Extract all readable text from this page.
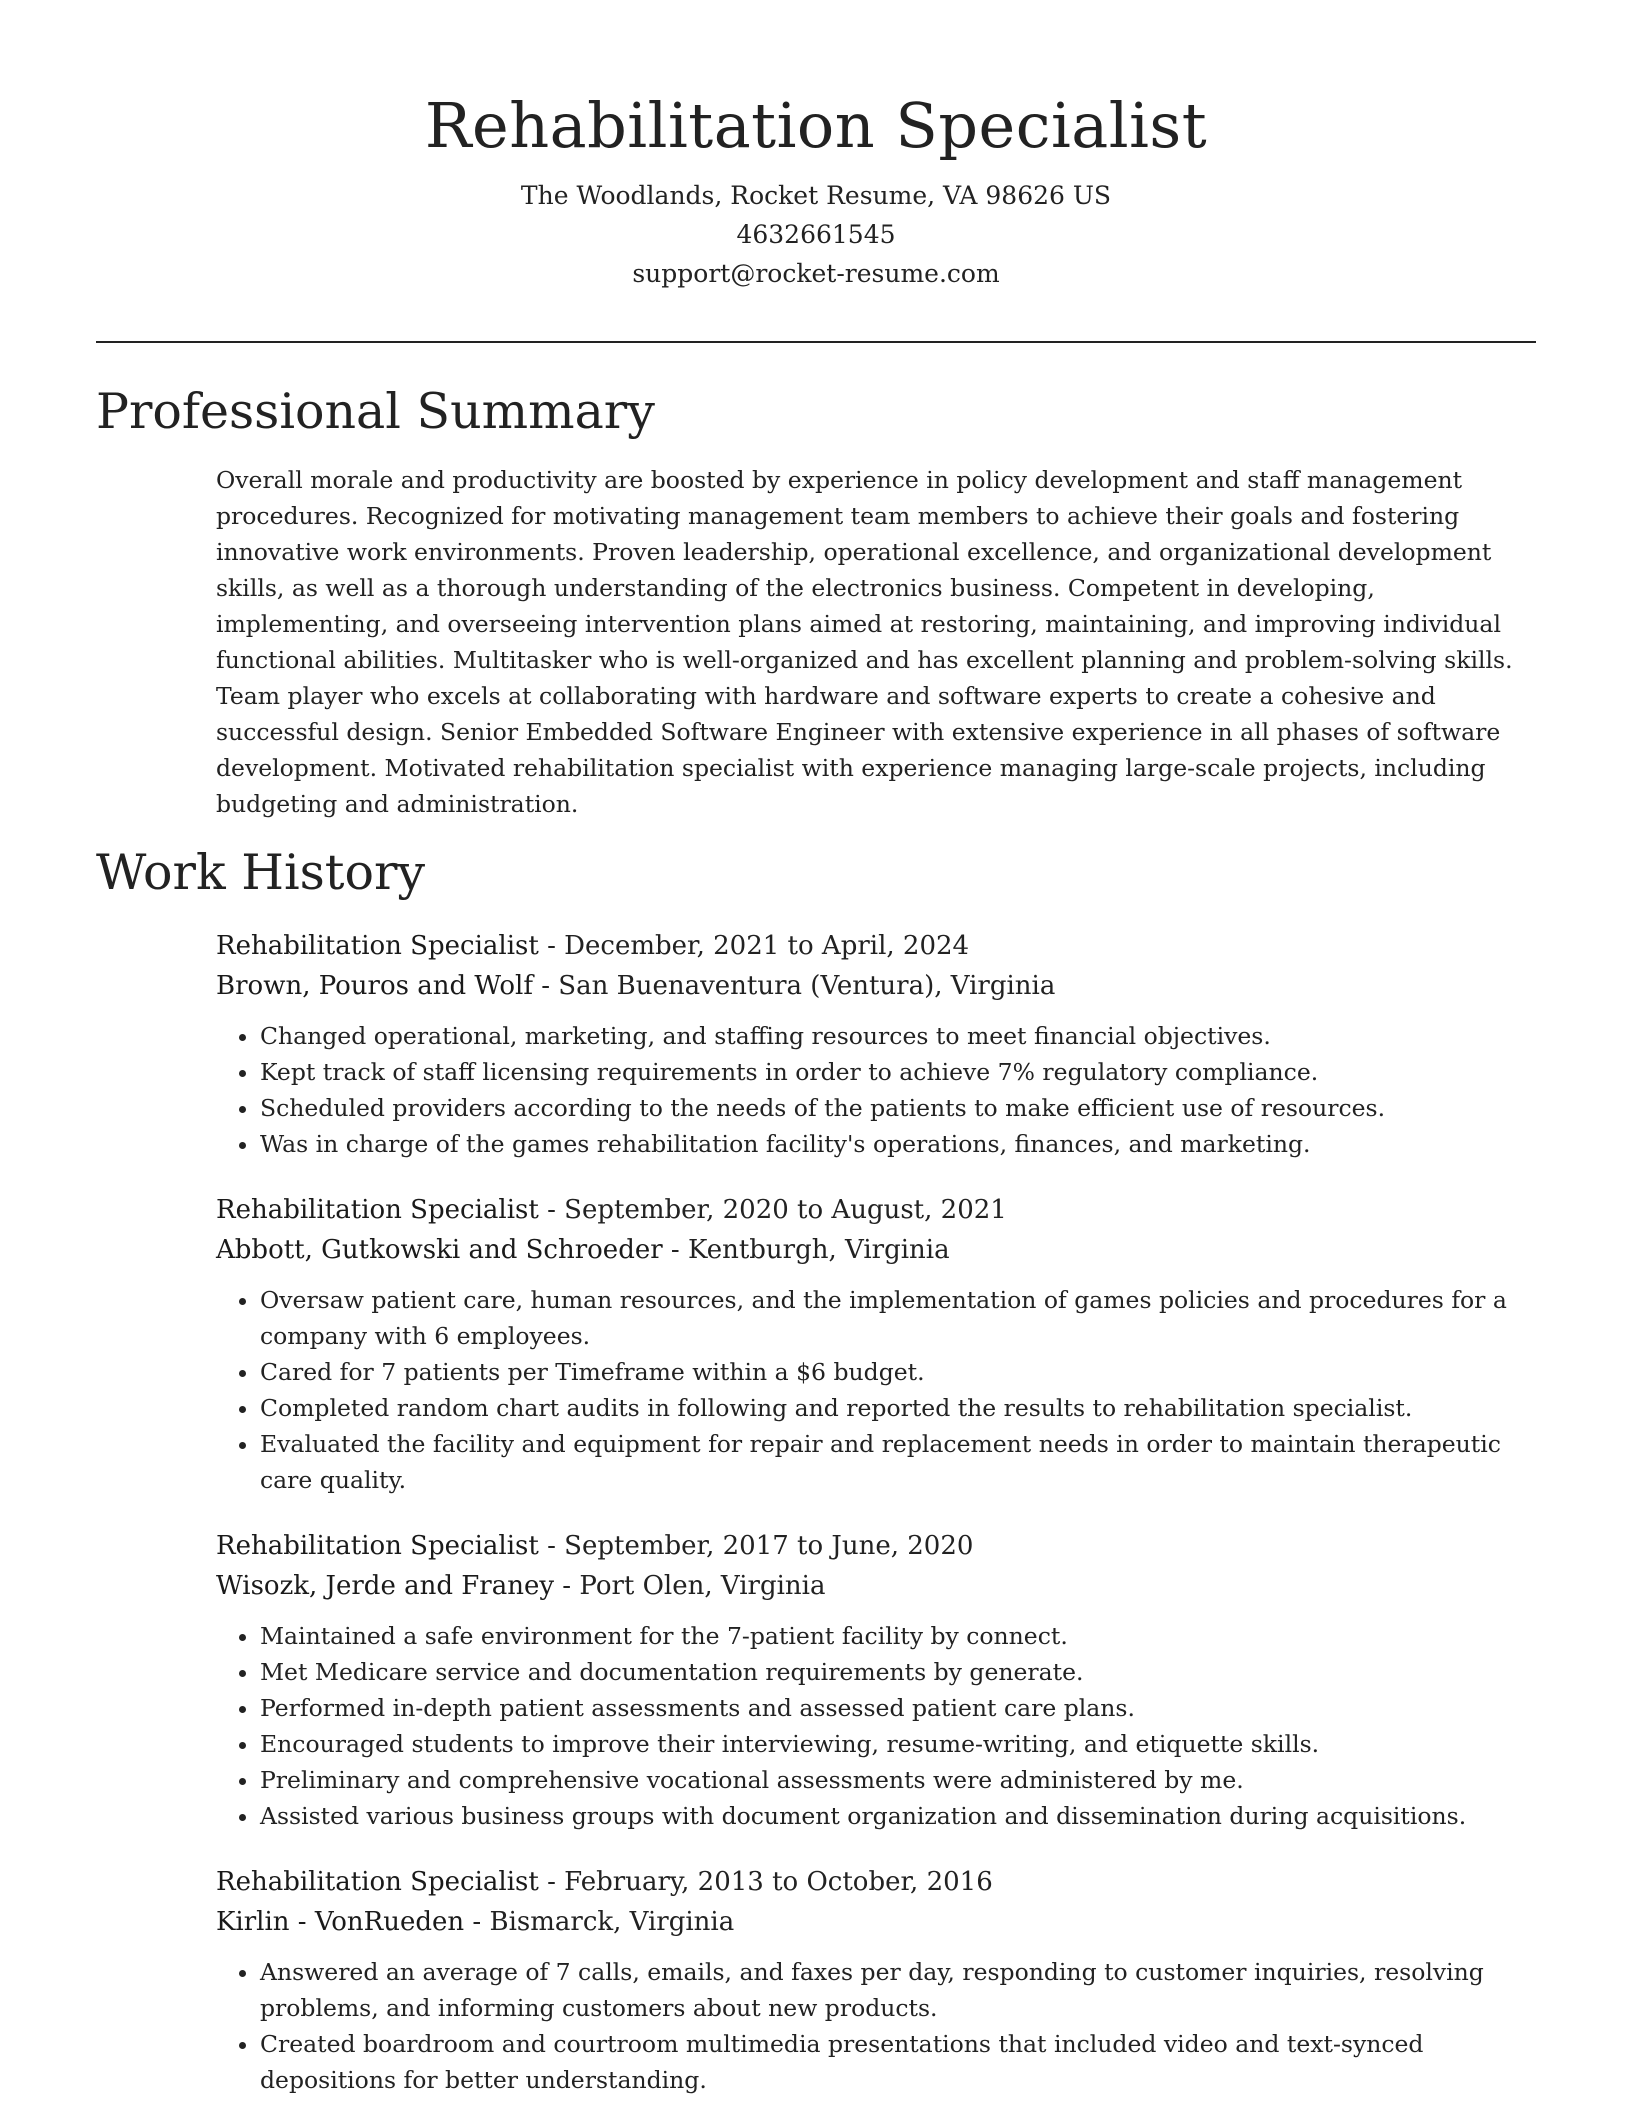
Rehabilitation Specialist
The Woodlands, Rocket Resume, VA 98626 US
4632661545
support@rocket-resume.com
Professional Summary

Overall morale and productivity are boosted by experience in policy development and staff management procedures. Recognized for motivating management team members to achieve their goals and fostering innovative work environments. Proven leadership, operational excellence, and organizational development skills, as well as a thorough understanding of the electronics business. Competent in developing, implementing, and overseeing intervention plans aimed at restoring, maintaining, and improving individual functional abilities. Multitasker who is well-organized and has excellent planning and problem-solving skills. Team player who excels at collaborating with hardware and software experts to create a cohesive and successful design. Senior Embedded Software Engineer with extensive experience in all phases of software development. Motivated rehabilitation specialist with experience managing large-scale projects, including budgeting and administration.

Work History
Rehabilitation Specialist - December, 2021 to April, 2024
Brown, Pouros and Wolf - San Buenaventura (Ventura), Virginia
• Changed operational, marketing, and staffing resources to meet financial objectives.
• Kept track of staff licensing requirements in order to achieve 7% regulatory compliance.
• Scheduled providers according to the needs of the patients to make efficient use of resources.
• Was in charge of the games rehabilitation facility's operations, finances, and marketing.
Rehabilitation Specialist - September, 2020 to August, 2021
Abbott, Gutkowski and Schroeder - Kentburgh, Virginia
• Oversaw patient care, human resources, and the implementation of games policies and procedures for a company with 6 employees.
• Cared for 7 patients per Timeframe within a $6 budget.
• Completed random chart audits in following and reported the results to rehabilitation specialist.
• Evaluated the facility and equipment for repair and replacement needs in order to maintain therapeutic care quality.
Rehabilitation Specialist - September, 2017 to June, 2020
Wisozk, Jerde and Franey - Port Olen, Virginia
• Maintained a safe environment for the 7-patient facility by connect.
• Met Medicare service and documentation requirements by generate.
• Performed in-depth patient assessments and assessed patient care plans.
• Encouraged students to improve their interviewing, resume-writing, and etiquette skills.
• Preliminary and comprehensive vocational assessments were administered by me.
• Assisted various business groups with document organization and dissemination during acquisitions.
Rehabilitation Specialist - February, 2013 to October, 2016
Kirlin - VonRueden - Bismarck, Virginia
• Answered an average of 7 calls, emails, and faxes per day, responding to customer inquiries, resolving problems, and informing customers about new products.
• Created boardroom and courtroom multimedia presentations that included video and text-synced depositions for better understanding.
